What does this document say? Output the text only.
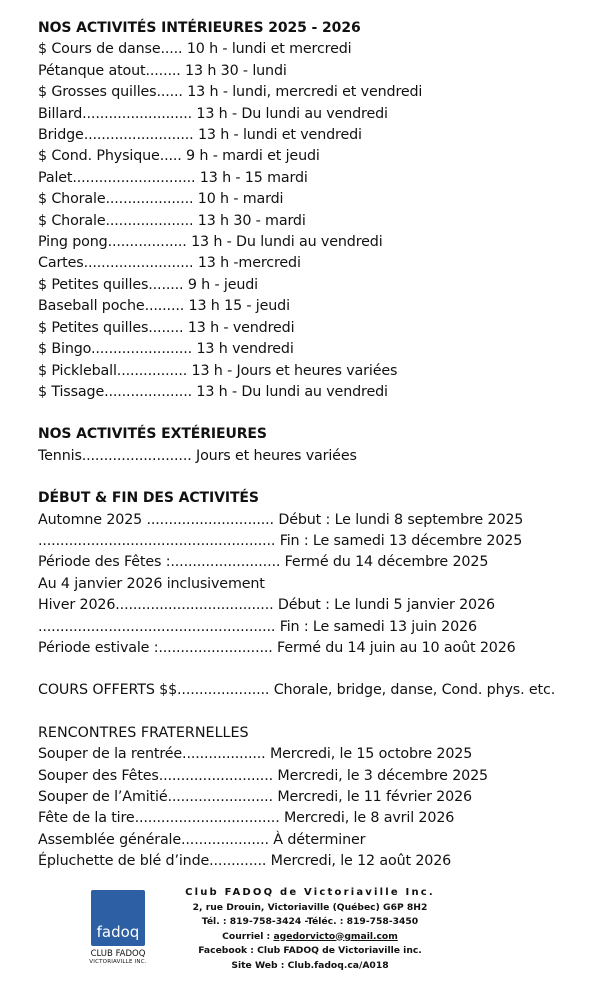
NOS ACTIVITÉS INTÉRIEURES 2025 - 2026
$ Cours de danse..... 10 h - lundi et mercredi
Pétanque atout........ 13 h 30 - lundi
$ Grosses quilles...... 13 h - lundi, mercredi et vendredi
Billard......................... 13 h - Du lundi au vendredi
Bridge......................... 13 h - lundi et vendredi
$ Cond. Physique..... 9 h - mardi et jeudi
Palet............................ 13 h - 15 mardi
$ Chorale.................... 10 h - mardi
$ Chorale.................... 13 h 30 - mardi
Ping pong.................. 13 h - Du lundi au vendredi
Cartes......................... 13 h -mercredi
$ Petites quilles........ 9 h - jeudi
Baseball poche......... 13 h 15 - jeudi
$ Petites quilles........ 13 h - vendredi
$ Bingo....................... 13 h vendredi
$ Pickleball................ 13 h - Jours et heures variées
$ Tissage.................... 13 h - Du lundi au vendredi
NOS ACTIVITÉS EXTÉRIEURES
Tennis......................... Jours et heures variées
DÉBUT & FIN DES ACTIVITÉS
Automne 2025 ............................. Début : Le lundi 8 septembre 2025
...................................................... Fin : Le samedi 13 décembre 2025
Période des Fêtes :......................... Fermé du 14 décembre 2025
Au 4 janvier 2026 inclusivement
Hiver 2026.................................... Début : Le lundi 5 janvier 2026
...................................................... Fin : Le samedi 13 juin 2026
Période estivale :.......................... Fermé du 14 juin au 10 août 2026
COURS OFFERTS $$..................... Chorale, bridge, danse, Cond. phys. etc.
RENCONTRES FRATERNELLES
Souper de la rentrée................... Mercredi, le 15 octobre 2025
Souper des Fêtes.......................... Mercredi, le 3 décembre 2025
Souper de l’Amitié........................ Mercredi, le 11 février 2026
Fête de la tire................................. Mercredi, le 8 avril 2026
Assemblée générale.................... À déterminer
Épluchette de blé d’inde............. Mercredi, le 12 août 2026
fadoq
CLUB FADOQ
VICTORIAVILLE INC.
Club FADOQ de Victoriaville Inc.
2, rue Drouin, Victoriaville (Québec) G6P 8H2
Tél. : 819-758-3424 -Téléc. : 819-758-3450
Courriel : agedorvicto@gmail.com
Facebook : Club FADOQ de Victoriaville inc.
Site Web : Club.fadoq.ca/A018
